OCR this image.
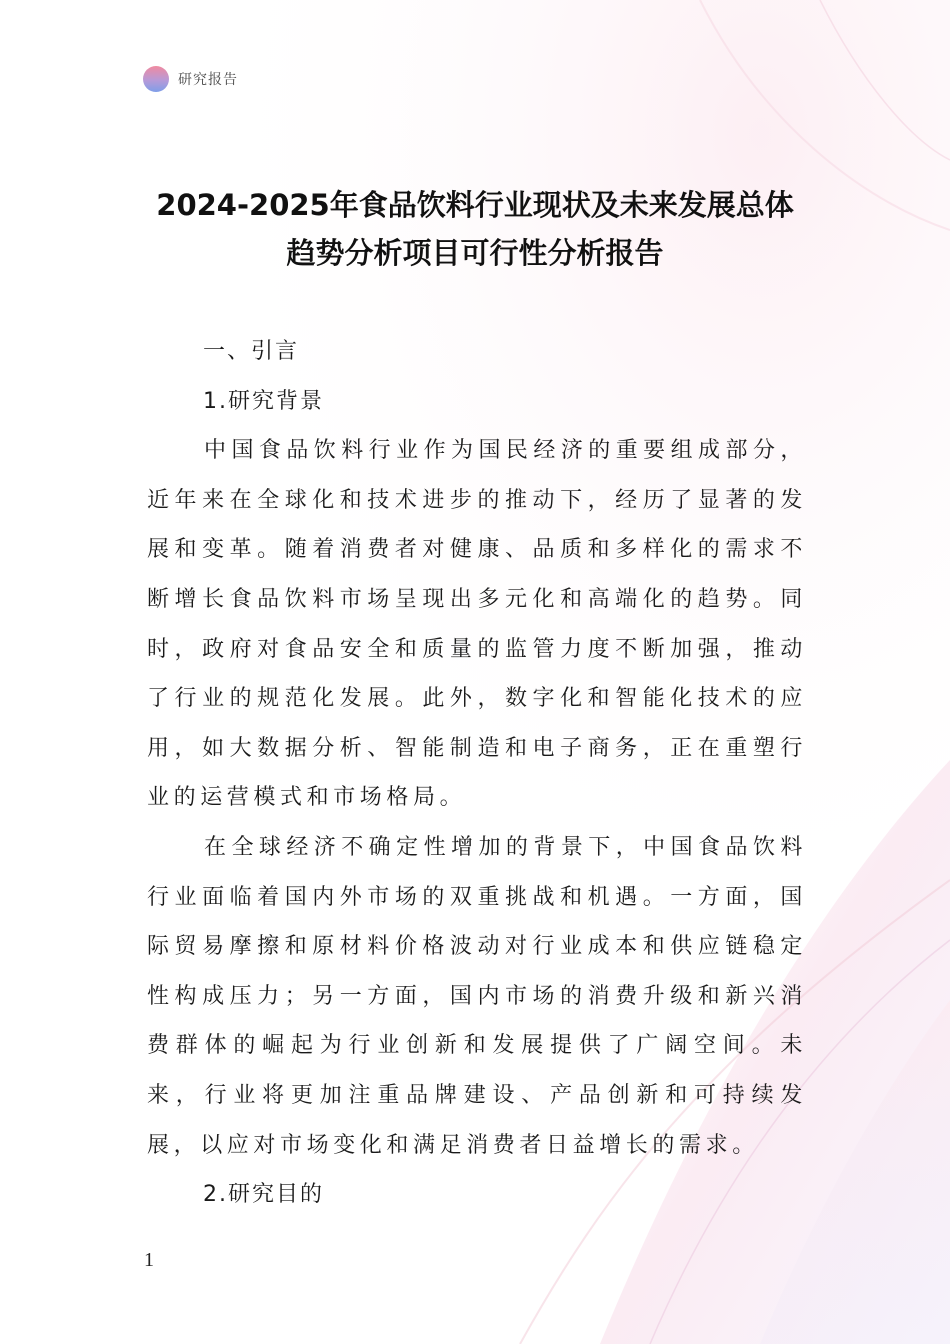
研究报告
2024-2025年食品饮料行业现状及未来发展总体
趋势分析项目可行性分析报告

一、引言

1.研究背景

中国食品饮料行业作为国民经济的重要组成部分，近年来在全球化和技术进步的推动下，经历了显著的发展和变革。随着消费者对健康、品质和多样化的需求不断增长食品饮料市场呈现出多元化和高端化的趋势。同时，政府对食品安全和质量的监管力度不断加强，推动了行业的规范化发展。此外，数字化和智能化技术的应用，如大数据分析、智能制造和电子商务，正在重塑行业的运营模式和市场格局。

在全球经济不确定性增加的背景下，中国食品饮料行业面临着国内外市场的双重挑战和机遇。一方面，国际贸易摩擦和原材料价格波动对行业成本和供应链稳定性构成压力；另一方面，国内市场的消费升级和新兴消费群体的崛起为行业创新和发展提供了广阔空间。未来，行业将更加注重品牌建设、产品创新和可持续发展，以应对市场变化和满足消费者日益增长的需求。

2.研究目的

1
